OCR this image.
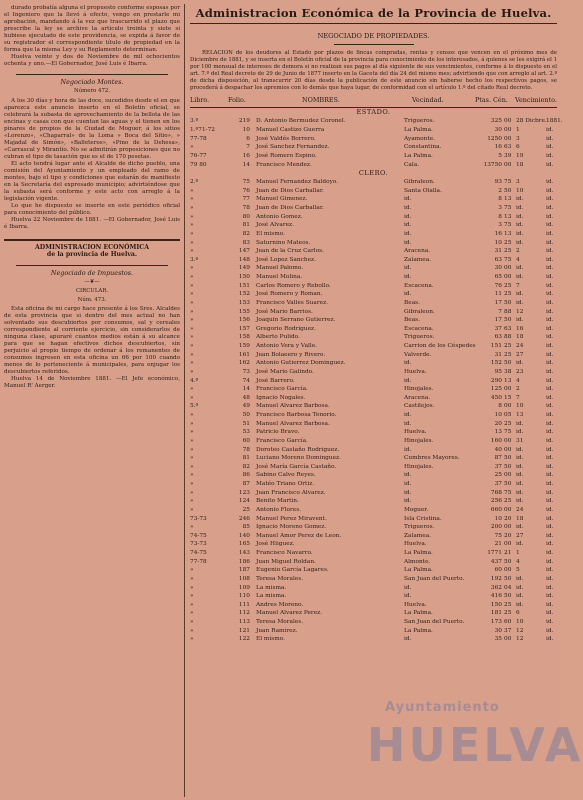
durado probatía alguna el propuesto conforme esposas por el Ingeniero que la llevó á efecto, vengo en prestarle mi aprobación, mandando á la vez que trascurrido el plazo que prescribe la ley se archive la articulo treinta y siete si hubiese ejecutado de este providencia, se expida á favor de su registrador el correspondiente título de propiedad en la forma que la misma Ley y su Reglamento determinan.

Huelva veinte y dos de Noviembre de mil ochocientos ochenta y uno.—El Gobernador, José Luis é Ibarra.

Negociado Montes.

Número 472.

A los 30 días y hora de las doce, sucedidos desde el en que aparezca este anuncio inserto en el Boletín oficial, se celebrará la subasta de aprovechamiento de la bellota de las encinas y casas con que cuentan las aguas y el tienen en los pinares de propios de la Ciudad de Moguer, á los sitios «Lorenzo», «Chaparral» de la Loma » Boca del Sitio», » Majadal de Simón», «Balleteros», «Pino de la Dehesa», «Carrascal y Mirantío. No se admitirán proposiciones que no cubran el tipo de tasación que es el de 170 pesetas.

El acto tendrá lugar ante el Alcalde de dicho pueblo, una comisión del Ayuntamiento y un empleado del ramo de montes, bajo el tipo y condiciones que estarán de manifiesto en la Secretaría del expresado municipio; advirtiéndose que la subasta será conforme y este acto con arreglo á la legislación vigente.

Lo que he dispuesto se inserte en este periódico oficial para conocimiento del público.

Huelva 22 Noviembre de 1881. —El Gobernador, José Luis é Ibarra.

ADMINISTRACION ECONÓMICA

de la provincia de Huelva.

Negociado de Impuestos.

—❦—

CIRCULAR.

Núm. 473.

Esta oficina de mi cargo hace presente á los Sres. Alcaldes de esta provincia que si dentro del mes actual no han solventado sus descubiertos por consumos, sal y cereales correspondiente al corriente ejercicio, sin considerarlos de ninguna clase, apuraré cuantos medios están á su alcance para que se hagan efectivos dichos descubiertos, sin perjuicio al propio tiempo de ordenar á los remanentes de consumos ingresen en esta oficina un 66 por 100 cuando menos de lo perteneciente á municipales, para enjugar los descubiertos referidos.

Huelva 14 de Noviembre 1881. —El Jefe económico, Manuel R' Aerger.

Administracion Económica de la Provincia de Huelva.
NEGOCIADO DE PROPIEDADES.

RELACION de los deudores al Estado por plazos de fincas compradas, rentas y censos que vencen en el próximo mes de Diciembre de 1881, y se inserta en el Boletín oficial de la provincia para conocimiento de los interesados, á quienes se les exigirá el 1 por 100 mensual de intereses de demora si no realizan sus pagos al día siguiente de sus vencimientos, conforme á lo dispuesto en el art. 7.º del Real decreto de 29 de Junio de 1877 inserto en la Gaceta del día 24 del mismo mes; advirtiendo que con arreglo al art. 2.º de dicha disposición, al transcurrir 20 días desde la publicación de este anuncio sin haberse hecho los respectivos pagos, se procederá á despachar los apremios con lo demás que haya lugar, de conformidad con el artículo 1.º del citado Real decreto.

Libro.	Folio.	NOMBRES.	Vecindad.	Ptas. Cén. Vencimiento.
ESTADO.
3.º	219 D. Antonio Bermudez Coronel.	Trigueros.	325 00 28 Dicbre. 1881.
1.º71-72	10 Manuel Castizo Guerra	La Palma.	30 00 1	id.
77-78	6 José Valdés Borrero.	Ayamonte.	1250 00 3	id.
»	7 José Sanchez Fernandez.	Constantina.	16 63 6	id.
76-77	16 José Romero Espino.	La Palma.	5 39 19	id.
79 80	14 Francisco Mendez.	Cala.	13750 00 18	id.
CLERO.
2.º	75 Manuel Fernandez Baldoyo.	Gibraleon.	93 75 3	id.
»	76 Juan de Dios Carballar.	Santa Olalla.	2 50 10	id.
»	77 Manuel Gimenez.	id.	8 13 id.	id.
»	78 Juan de Dios Carballar.	id.	3 75 id.	id.
»	80 Antonio Gomez.	id.	8 13 id.	id.
»	81 José Alvarez.	id.	3 75 id.	id.
»	82 El mismo.	id.	16 13 id.	id.
»	83 Saturnino Mateos.	id.	10 25 id.	id.
»	147 Juan de la Cruz Carlos.	Aracena.	31 25 2	id.
3.º	148 José Lopez Sanchez.	Zalamea.	63 75 4	id.
»	149 Manuel Palomo.	id.	30 00 id.	id.
»	150 Manuel Molina.	id.	65 00 id.	id.
»	151 Carlos Romero y Rebollo.	Escacena.	76 25 7	id.
»	152 José Romero y Roman.	id.	11 25 id.	id.
»	153 Francisco Valles Suarez.	Beas.	17 50 id.	id.
»	155 José Mario Barrios.	Gibraleon.	7 88 12	id.
»	156 Joaquin Serrano Gutierrez.	Beas.	17 50 id.	id.
»	157 Gregorio Rodriguez.	Escacena.	37 63 16	id.
»	158 Alberto Pulido.	Trigueros.	63 88 18	id.
»	159 Antonio Vera y Valle.	Carrion de los Céspedes	151 25 24	id.
»	161 Juan Bolaeero y Rivero.	Valverde.	31 25 27	id.
»	162 Antonio Gutierrez Dominguez.	id.	152 50 id.	id.
»	73 José Mario Galindo.	Huelva.	95 38 23	id.
4.º	74 José Barrero.	id.	290 13 4	id.
»	14 Francisco García.	Hinojales.	125 00 2	id.
»	48 Ignacio Nogales.	Aracena.	450 15 7	id.
5.º	49 Manuel Alvarez Barbosa.	Castilejos.	8 00 10	id.
»	50 Francisco Barbosa Tenorio.	id.	10 05 13	id.
»	51 Manuel Alvarez Barbosa.	id.	20 25 id.	id.
»	53 Patricio Bravo.	Huelva.	13 75 id.	id.
»	60 Francisco García.	Hinojales.	160 00 31	id.
»	78 Doroteo Castaño Rodriguez.	id.	40 00 id.	id.
»	81 Luciano Moreno Dominguez.	Cumbres Mayores.	87 50 id.	id.
»	82 José María García Castaño.	Hinojales.	37 50 id.	id.
»	86 Sabino Calvo Reyes.	id.	25 00 id.	id.
»	87 Matéo Triano Ortiz.	id.	37 50 id.	id.
»	123 Juan Francisco Alvarez.	id.	768 75 id.	id.
»	124 Benito Martin.	id.	256 25 id.	id.
»	25 Antonio Flores.	Moguer.	660 00 24	id.
73-73	246 Manuel Perez Miravent.	Isla Cristina.	10 20 18	id.
»	85 Ignacio Moreno Gomez.	Trigueros.	200 00 id.	id.
74-75	140 Manuel Amor Perez de Leon.	Zalamea.	75 20 27	id.
73-73	165 José Hiiguez.	Huelva.	21 00 id.	id.
74-75	143 Francisco Navarro.	La Palma.	1771 21 1	id.
77-78	186 Juan Miguel Roldan.	Almonte.	437 50 4	id.
»	187 Eugenio García Lagares.	La Palma.	60 00 5	id.
»	108 Teresa Morales.	San Juan del Puerto.	192 50 id.	id.
»	109 La misma.	id.	362 04 id.	id.
»	110 La misma.	id.	416 50 id.	id.
»	111 Andres Moreno.	Huelva.	150 25 id.	id.
»	112 Manuel Alvarez Perez.	La Palma.	181 25 6	id.
»	113 Teresa Morales.	San Juan del Puerto.	173 60 10	id.
»	121 Juan Ramirez.	La Palma.	30 37 12	id.
»	122 El mismo.	id.	35 00 12	id.
Ayuntamiento
HUELVA
